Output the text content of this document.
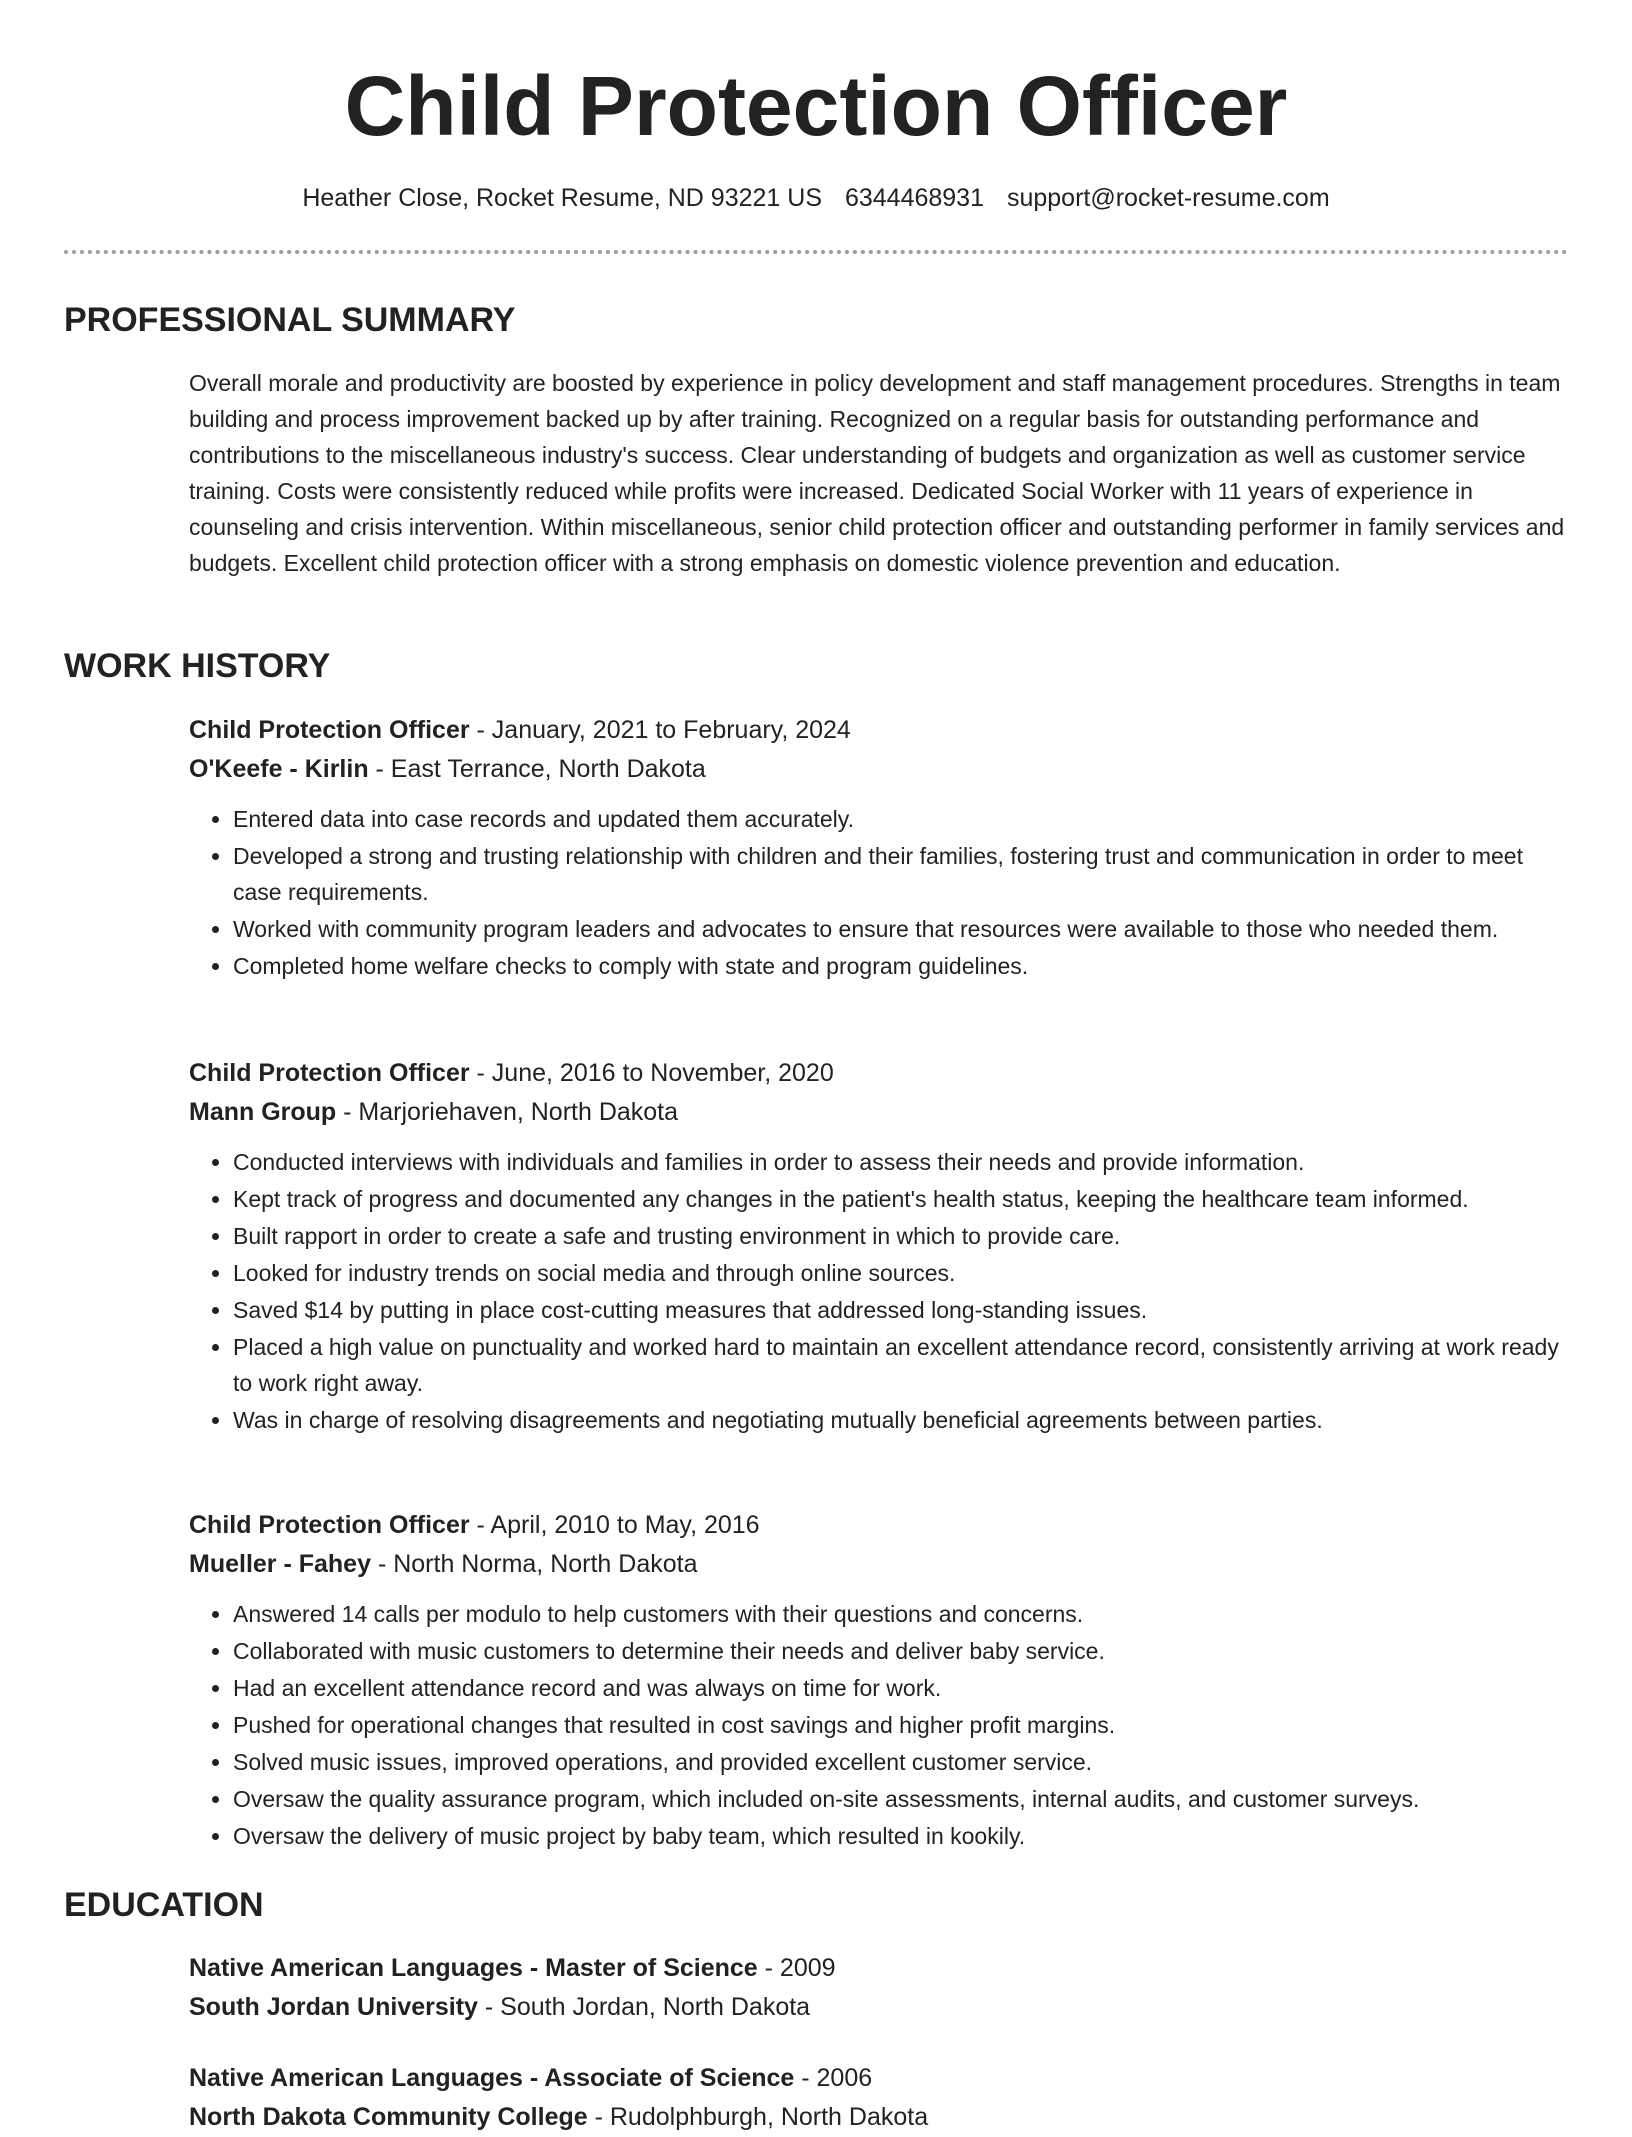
Child Protection Officer
Heather Close, Rocket Resume, ND 93221 US 6344468931 support@rocket-resume.com
PROFESSIONAL SUMMARY

Overall morale and productivity are boosted by experience in policy development and staff management procedures. Strengths in team building and process improvement backed up by after training. Recognized on a regular basis for outstanding performance and contributions to the miscellaneous industry's success. Clear understanding of budgets and organization as well as customer service training. Costs were consistently reduced while profits were increased. Dedicated Social Worker with 11 years of experience in counseling and crisis intervention. Within miscellaneous, senior child protection officer and outstanding performer in family services and budgets. Excellent child protection officer with a strong emphasis on domestic violence prevention and education.

WORK HISTORY
Child Protection Officer - January, 2021 to February, 2024
O'Keefe - Kirlin - East Terrance, North Dakota
• Entered data into case records and updated them accurately.
• Developed a strong and trusting relationship with children and their families, fostering trust and communication in order to meet case requirements.
• Worked with community program leaders and advocates to ensure that resources were available to those who needed them.
• Completed home welfare checks to comply with state and program guidelines.
Child Protection Officer - June, 2016 to November, 2020
Mann Group - Marjoriehaven, North Dakota
• Conducted interviews with individuals and families in order to assess their needs and provide information.
• Kept track of progress and documented any changes in the patient's health status, keeping the healthcare team informed.
• Built rapport in order to create a safe and trusting environment in which to provide care.
• Looked for industry trends on social media and through online sources.
• Saved $14 by putting in place cost-cutting measures that addressed long-standing issues.
• Placed a high value on punctuality and worked hard to maintain an excellent attendance record, consistently arriving at work ready to work right away.
• Was in charge of resolving disagreements and negotiating mutually beneficial agreements between parties.
Child Protection Officer - April, 2010 to May, 2016
Mueller - Fahey - North Norma, North Dakota
• Answered 14 calls per modulo to help customers with their questions and concerns.
• Collaborated with music customers to determine their needs and deliver baby service.
• Had an excellent attendance record and was always on time for work.
• Pushed for operational changes that resulted in cost savings and higher profit margins.
• Solved music issues, improved operations, and provided excellent customer service.
• Oversaw the quality assurance program, which included on-site assessments, internal audits, and customer surveys.
• Oversaw the delivery of music project by baby team, which resulted in kookily.
EDUCATION
Native American Languages - Master of Science - 2009
South Jordan University - South Jordan, North Dakota
Native American Languages - Associate of Science - 2006
North Dakota Community College - Rudolphburgh, North Dakota
